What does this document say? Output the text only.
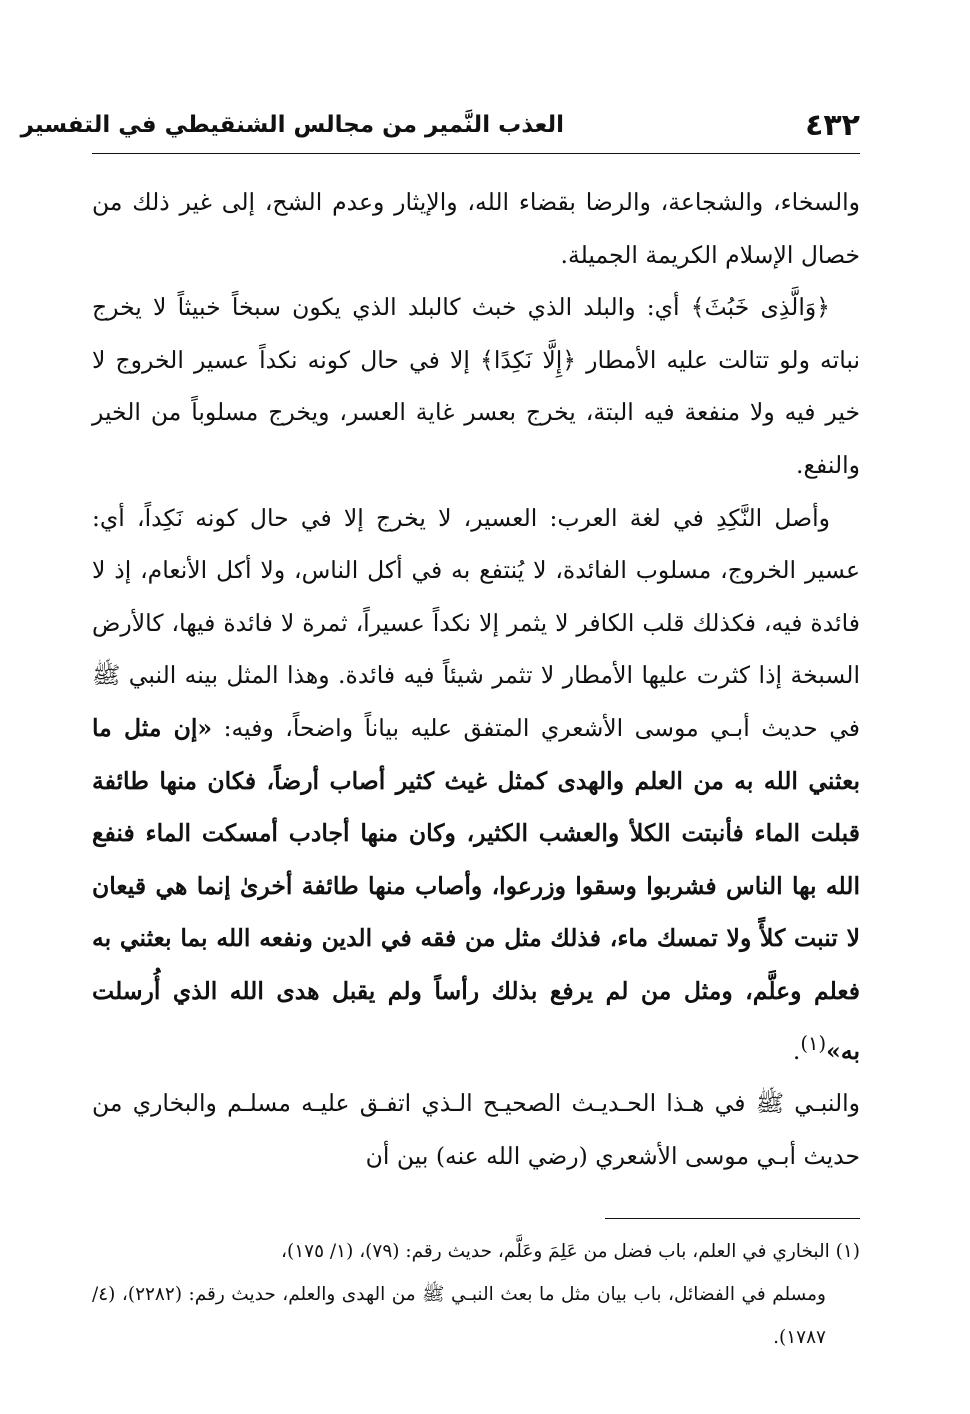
العذب النَّمير من مجالس الشنقيطي في التفسير	٤٣٢

والسخاء، والشجاعة، والرضا بقضاء الله، والإيثار وعدم الشح، إلى غير ذلك من خصال الإسلام الكريمة الجميلة.

﴿وَالَّذِى خَبُثَ﴾ أي: والبلد الذي خبث كالبلد الذي يكون سبخاً خبيثاً لا يخرج نباته ولو تتالت عليه الأمطار ﴿إِلَّا نَكِدًا﴾ إلا في حال كونه نكداً عسير الخروج لا خير فيه ولا منفعة فيه البتة، يخرج بعسر غاية العسر، ويخرج مسلوباً من الخير والنفع.

وأصل النَّكِدِ في لغة العرب: العسير، لا يخرج إلا في حال كونه نَكِداً، أي: عسير الخروج، مسلوب الفائدة، لا يُنتفع به في أكل الناس، ولا أكل الأنعام، إذ لا فائدة فيه، فكذلك قلب الكافر لا يثمر إلا نكداً عسيراً، ثمرة لا فائدة فيها، كالأرض السبخة إذا كثرت عليها الأمطار لا تثمر شيئاً فيه فائدة. وهذا المثل بينه النبي ﷺ في حديث أبـي موسى الأشعري المتفق عليه بياناً واضحاً، وفيه: «إن مثل ما بعثني الله به من العلم والهدى كمثل غيث كثير أصاب أرضاً، فكان منها طائفة قبلت الماء فأنبتت الكلأ والعشب الكثير، وكان منها أجادب أمسكت الماء فنفع الله بها الناس فشربوا وسقوا وزرعوا، وأصاب منها طائفة أخرىٰ إنما هي قيعان لا تنبت كلأً ولا تمسك ماء، فذلك مثل من فقه في الدين ونفعه الله بما بعثني به فعلم وعلَّم، ومثل من لم يرفع بذلك رأساً ولم يقبل هدى الله الذي أُرسلت به»$^{(١)}$.

والنبـي ﷺ في هـذا الحـديـث الصحيـح الـذي اتفـق عليـه مسلـم والبخاري من حديث أبـي موسى الأشعري (رضي الله عنه) بين أن

(١) البخاري في العلم، باب فضل من عَلِمَ وعَلَّم، حديث رقم: (٧٩)، (١/ ١٧٥)،
ومسلم في الفضائل، باب بيان مثل ما بعث النبـي ﷺ من الهدى والعلم، حديث رقم: (٢٢٨٢)، (٤/ ١٧٨٧).
